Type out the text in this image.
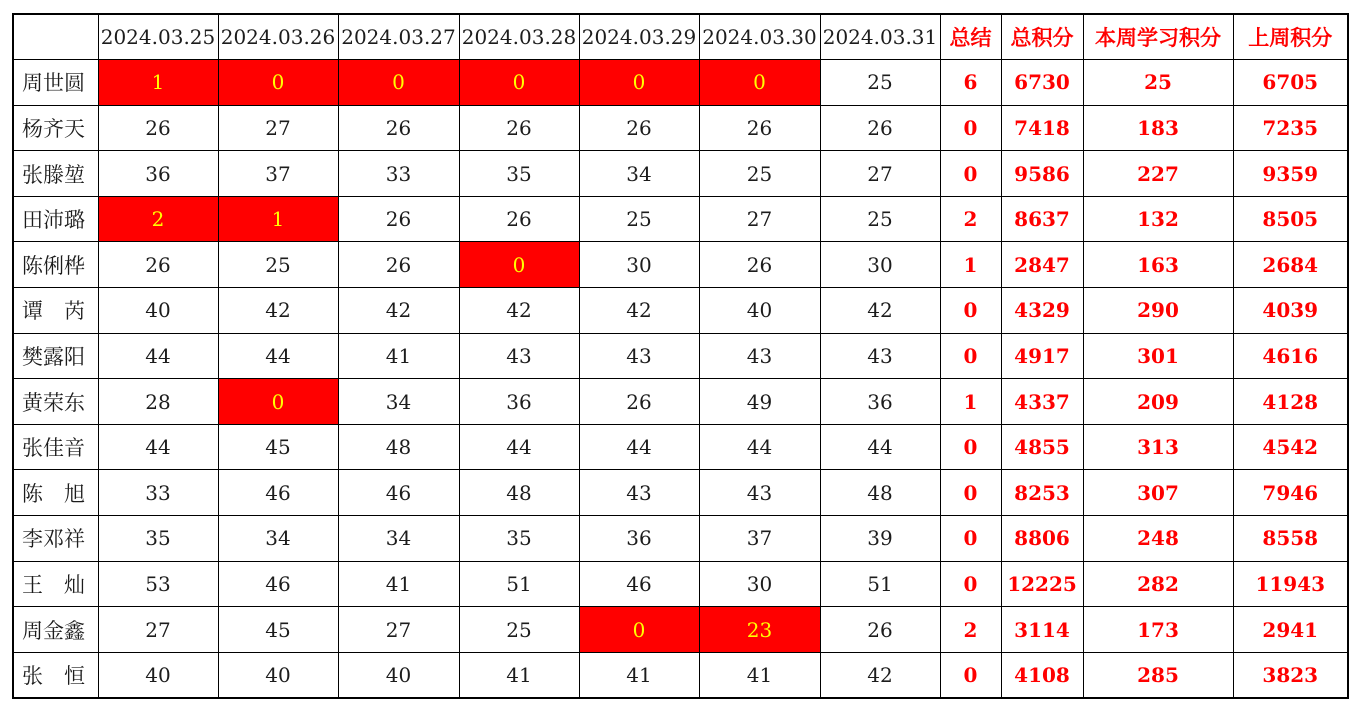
	2024.03.25	2024.03.26	2024.03.27	2024.03.28	2024.03.29	2024.03.30	2024.03.31	总结	总积分	本周学习积分	上周积分
周世圆	1	0	0	0	0	0	25	6	6730	25	6705
杨齐天	26	27	26	26	26	26	26	0	7418	183	7235
张滕堃	36	37	33	35	34	25	27	0	9586	227	9359
田沛璐	2	1	26	26	25	27	25	2	8637	132	8505
陈俐桦	26	25	26	0	30	26	30	1	2847	163	2684
谭　芮	40	42	42	42	42	40	42	0	4329	290	4039
樊露阳	44	44	41	43	43	43	43	0	4917	301	4616
黄荣东	28	0	34	36	26	49	36	1	4337	209	4128
张佳音	44	45	48	44	44	44	44	0	4855	313	4542
陈　旭	33	46	46	48	43	43	48	0	8253	307	7946
李邓祥	35	34	34	35	36	37	39	0	8806	248	8558
王　灿	53	46	41	51	46	30	51	0	12225	282	11943
周金鑫	27	45	27	25	0	23	26	2	3114	173	2941
张　恒	40	40	40	41	41	41	42	0	4108	285	3823
